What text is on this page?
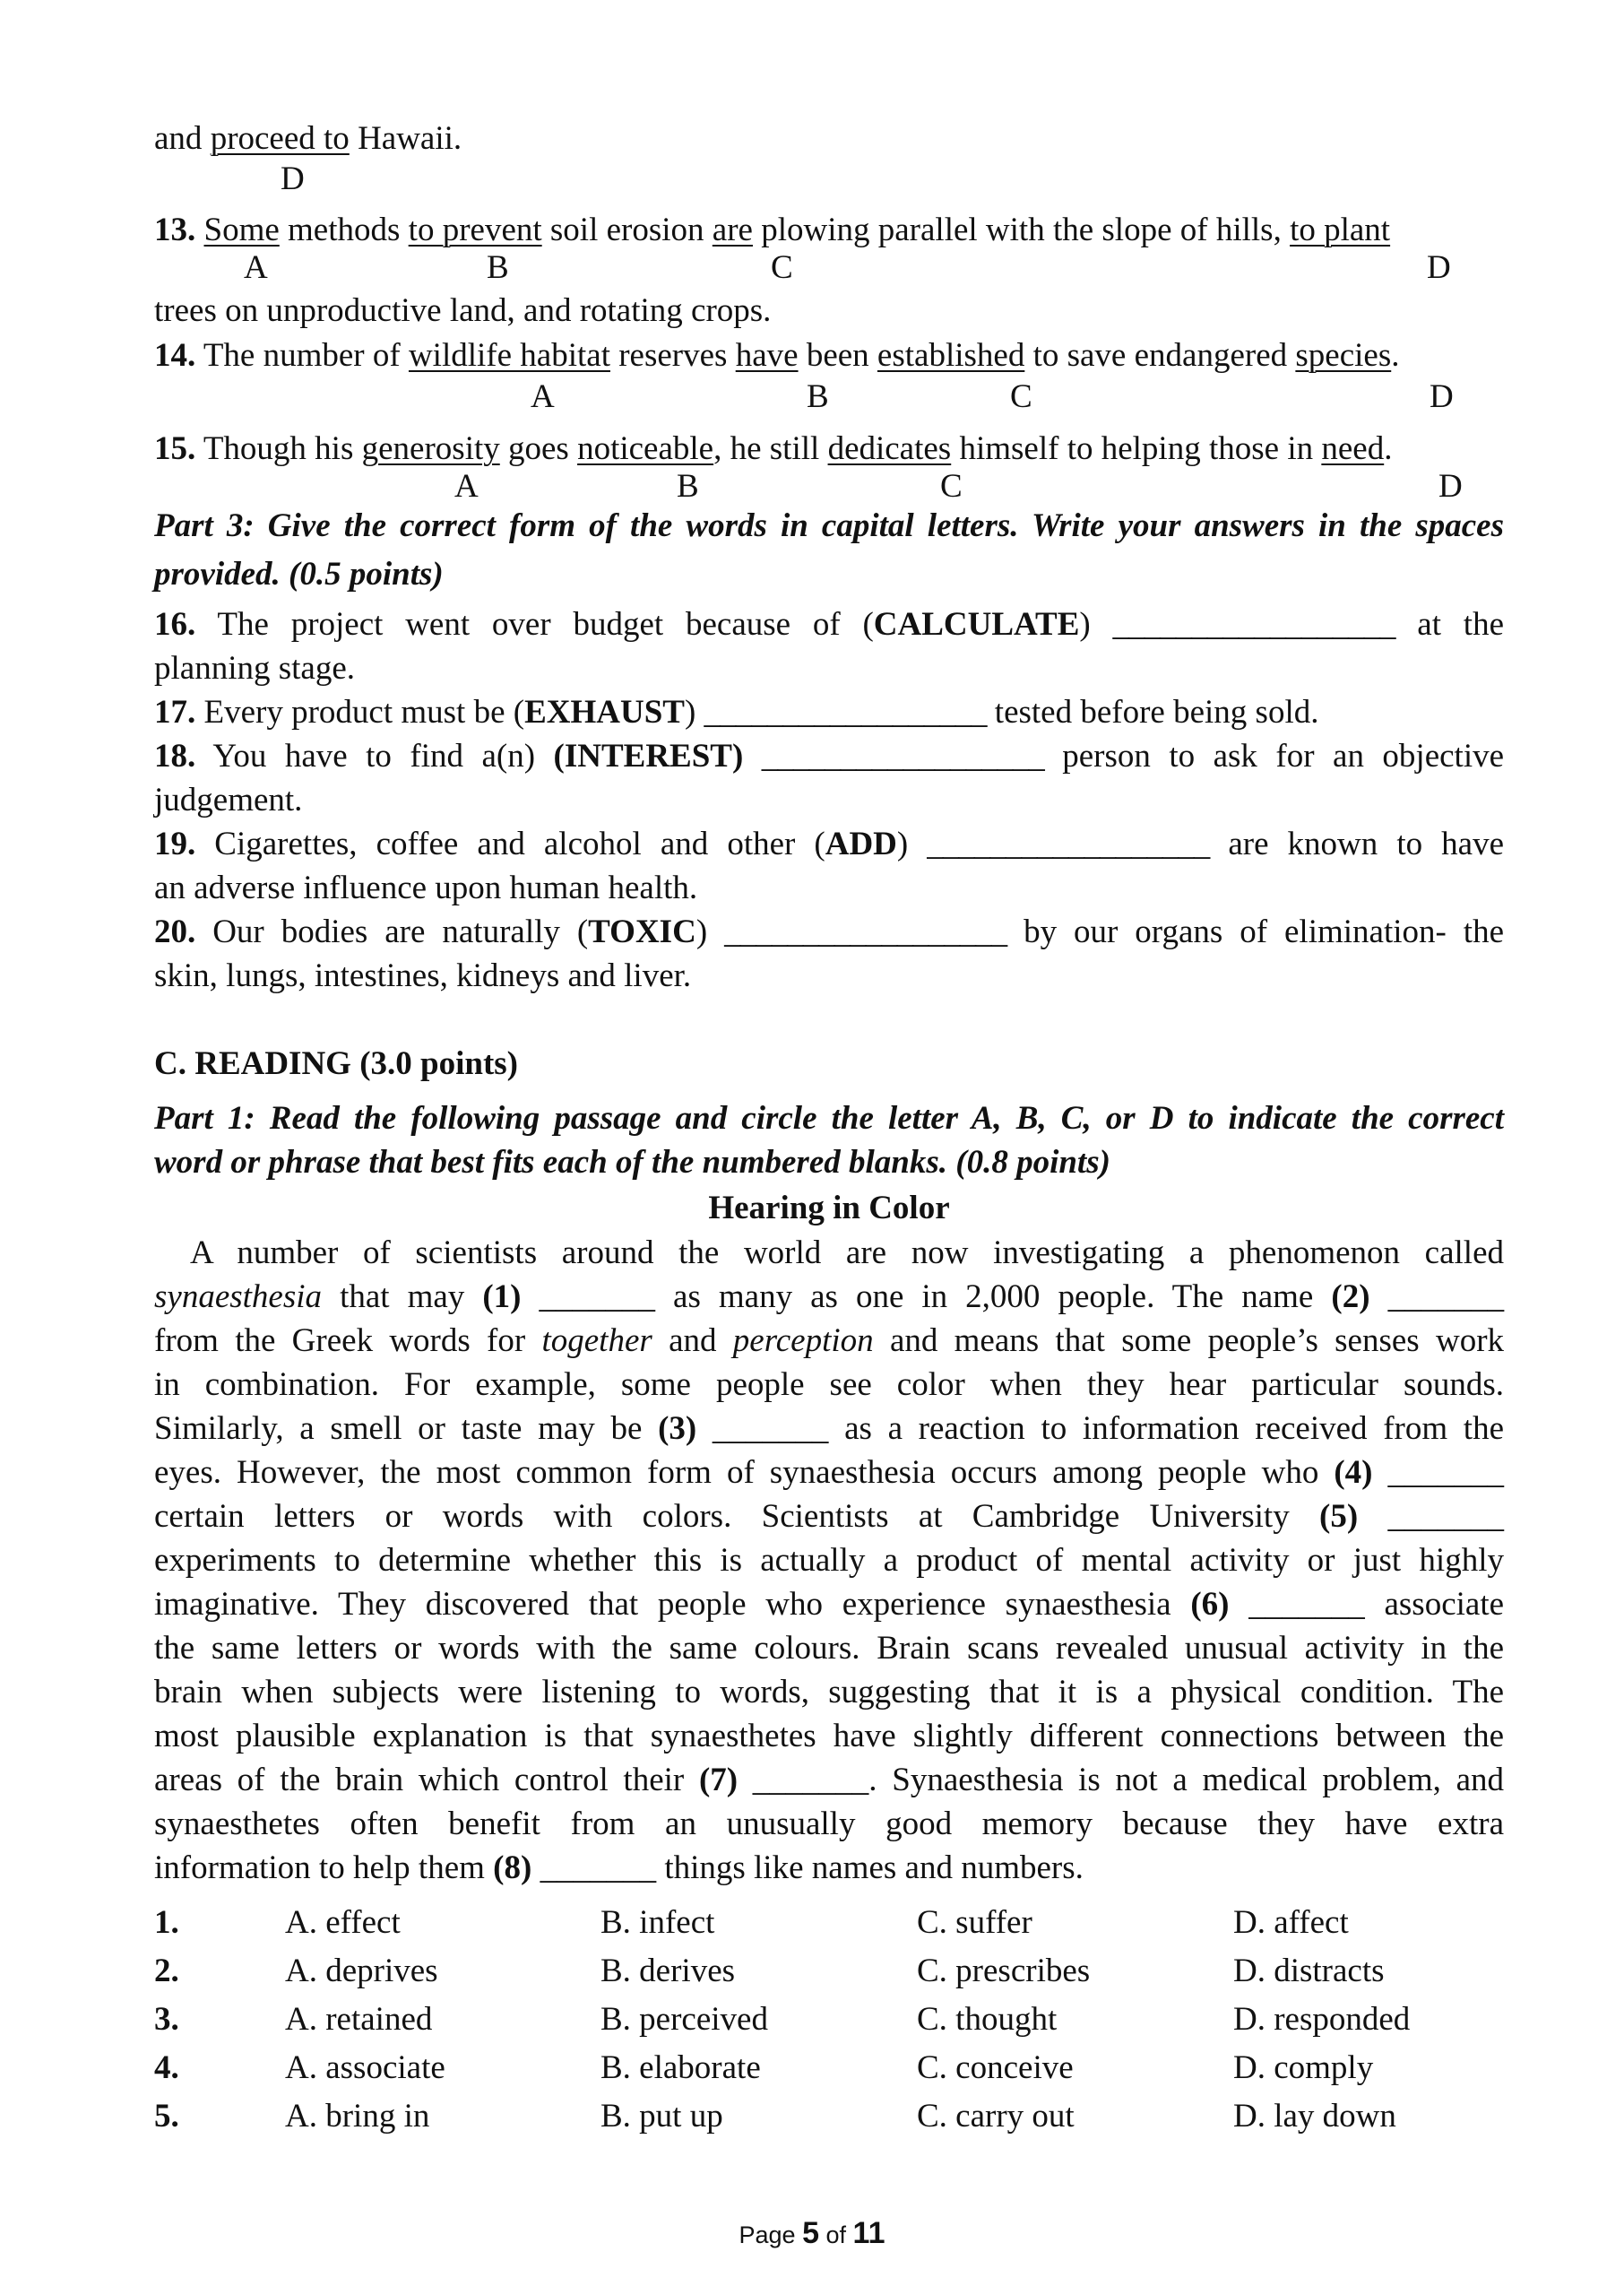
and proceed to Hawaii.
D
13. Some methods to prevent soil erosion are plowing parallel with the slope of hills, to plant
A	B	C	D
trees on unproductive land, and rotating crops.
14. The number of wildlife habitat reserves have been established to save endangered species.
A	B	C	D
15. Though his generosity goes noticeable, he still dedicates himself to helping those in need.
A	B	C	D
Part 3: Give the correct form of the words in capital letters. Write your answers in the spaces
provided. (0.5 points)
16. The project went over budget because of (CALCULATE) __________________ at the
planning stage.
17. Every product must be (EXHAUST) __________________ tested before being sold.
18. You have to find a(n) (INTEREST) __________________ person to ask for an objective
judgement.
19. Cigarettes, coffee and alcohol and other (ADD) __________________ are known to have
an adverse influence upon human health.
20. Our bodies are naturally (TOXIC) __________________ by our organs of elimination- the
skin, lungs, intestines, kidneys and liver.
C. READING (3.0 points)
Part 1: Read the following passage and circle the letter A, B, C, or D to indicate the correct
word or phrase that best fits each of the numbered blanks. (0.8 points)
Hearing in Color
A number of scientists around the world are now investigating a phenomenon called
synaesthesia that may (1) _______ as many as one in 2,000 people. The name (2) _______
from the Greek words for together and perception and means that some people’s senses work
in combination. For example, some people see color when they hear particular sounds.
Similarly, a smell or taste may be (3) _______ as a reaction to information received from the
eyes. However, the most common form of synaesthesia occurs among people who (4) _______
certain letters or words with colors. Scientists at Cambridge University (5) _______
experiments to determine whether this is actually a product of mental activity or just highly
imaginative. They discovered that people who experience synaesthesia (6) _______ associate
the same letters or words with the same colours. Brain scans revealed unusual activity in the
brain when subjects were listening to words, suggesting that it is a physical condition. The
most plausible explanation is that synaesthetes have slightly different connections between the
areas of the brain which control their (7) _______. Synaesthesia is not a medical problem, and
synaesthetes often benefit from an unusually good memory because they have extra
information to help them (8) _______ things like names and numbers.
1.	A. effect	B. infect	C. suffer	D. affect
2.	A. deprives	B. derives	C. prescribes	D. distracts
3.	A. retained	B. perceived	C. thought	D. responded
4.	A. associate	B. elaborate	C. conceive	D. comply
5.	A. bring in	B. put up	C. carry out	D. lay down
Page 5 of 11
